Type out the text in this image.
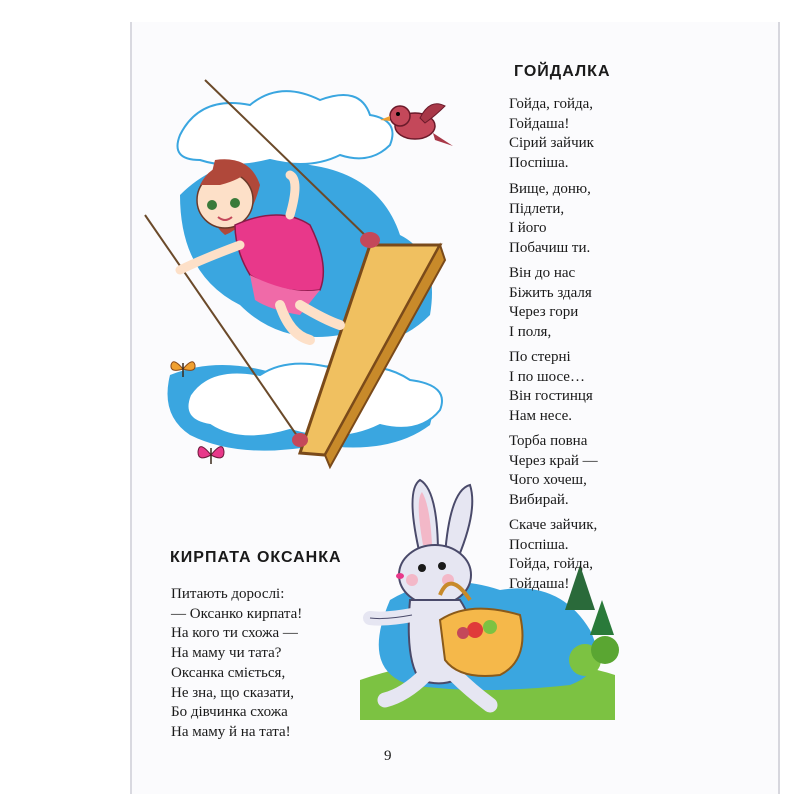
ГОЙДАЛКА
Гойда, гойда,
Гойдаша!
Сірий зайчик
Поспіша.
Вище, доню,
Підлети,
І його
Побачиш ти.
Він до нас
Біжить здаля
Через гори
І поля,
По стерні
І по шосе…
Він гостинця
Нам несе.
Торба повна
Через край —
Чого хочеш,
Вибирай.
Скаче зайчик,
Поспіша.
Гойда, гойда,
Гойдаша!
КИРПАТА ОКСАНКА
Питають дорослі:
— Оксанко кирпата!
На кого ти схожа —
На маму чи тата?
Оксанка сміється,
Не зна, що сказати,
Бо дівчинка схожа
На маму й на тата!
9
